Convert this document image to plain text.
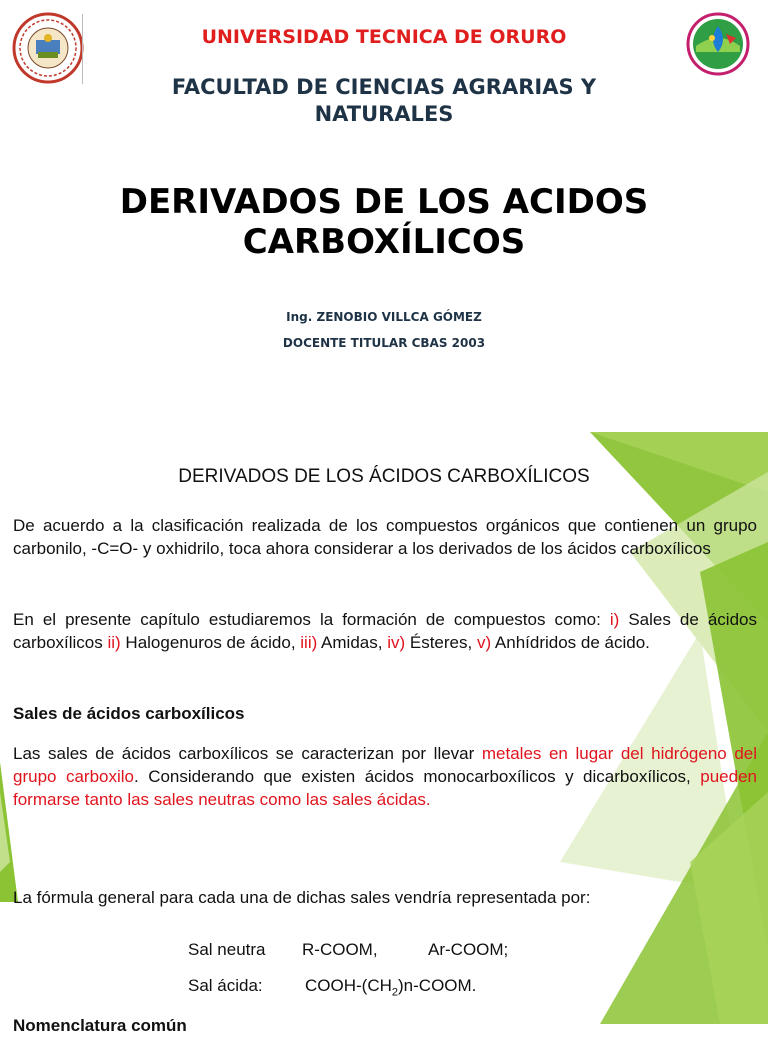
UNIVERSIDAD TECNICA DE ORURO
FACULTAD DE CIENCIAS AGRARIAS Y
NATURALES
DERIVADOS DE LOS ACIDOS
CARBOXÍLICOS
Ing. ZENOBIO VILLCA GÓMEZ
DOCENTE TITULAR CBAS 2003
DERIVADOS DE LOS ÁCIDOS CARBOXÍLICOS
De acuerdo a la clasificación realizada de los compuestos orgánicos que contienen un grupo carbonilo, -C=O- y oxhidrilo, toca ahora considerar a los derivados de los ácidos carboxílicos
En el presente capítulo estudiaremos la formación de compuestos como: i) Sales de ácidos carboxílicos ii) Halogenuros de ácido, iii) Amidas, iv) Ésteres, v) Anhídridos de ácido.
Sales de ácidos carboxílicos
Las sales de ácidos carboxílicos se caracterizan por llevar metales en lugar del hidrógeno del grupo carboxilo. Considerando que existen ácidos monocarboxílicos y dicarboxílicos, pueden formarse tanto las sales neutras como las sales ácidas.
La fórmula general para cada una de dichas sales vendría representada por:
Sal neutra R-COOM,	Ar-COOM;
Sal ácida: COOH-$(CH_2)n$-COOM.
Nomenclatura común
